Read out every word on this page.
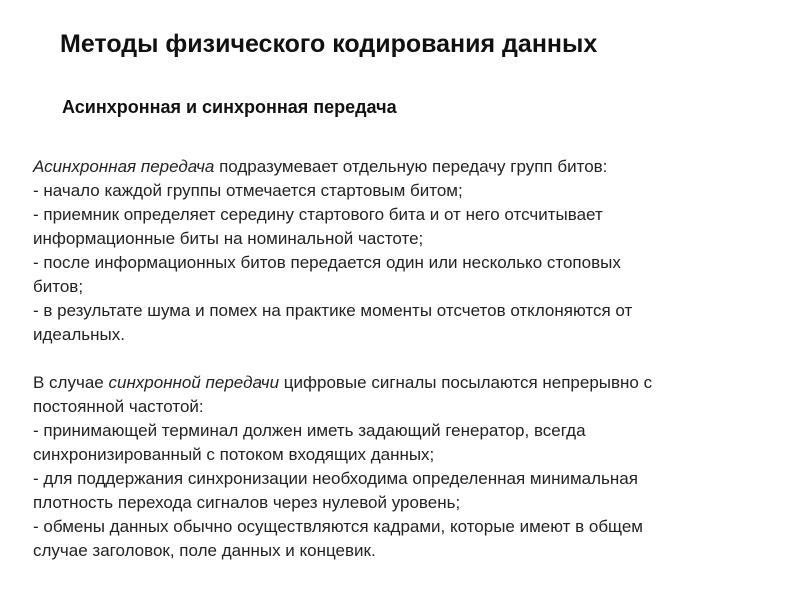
Методы физического кодирования данных
Асинхронная и синхронная передача
Асинхронная передача подразумевает отдельную передачу групп битов:
- начало каждой группы отмечается стартовым битом;
- приемник определяет середину стартового бита и от него отсчитывает
информационные биты на номинальной частоте;
- после информационных битов передается один или несколько стоповых
битов;
- в результате шума и помех на практике моменты отсчетов отклоняются от
идеальных.
В случае синхронной передачи цифровые сигналы посылаются непрерывно с
постоянной частотой:
- принимающей терминал должен иметь задающий генератор, всегда
синхронизированный с потоком входящих данных;
- для поддержания синхронизации необходима определенная минимальная
плотность перехода сигналов через нулевой уровень;
- обмены данных обычно осуществляются кадрами, которые имеют в общем
случае заголовок, поле данных и концевик.
